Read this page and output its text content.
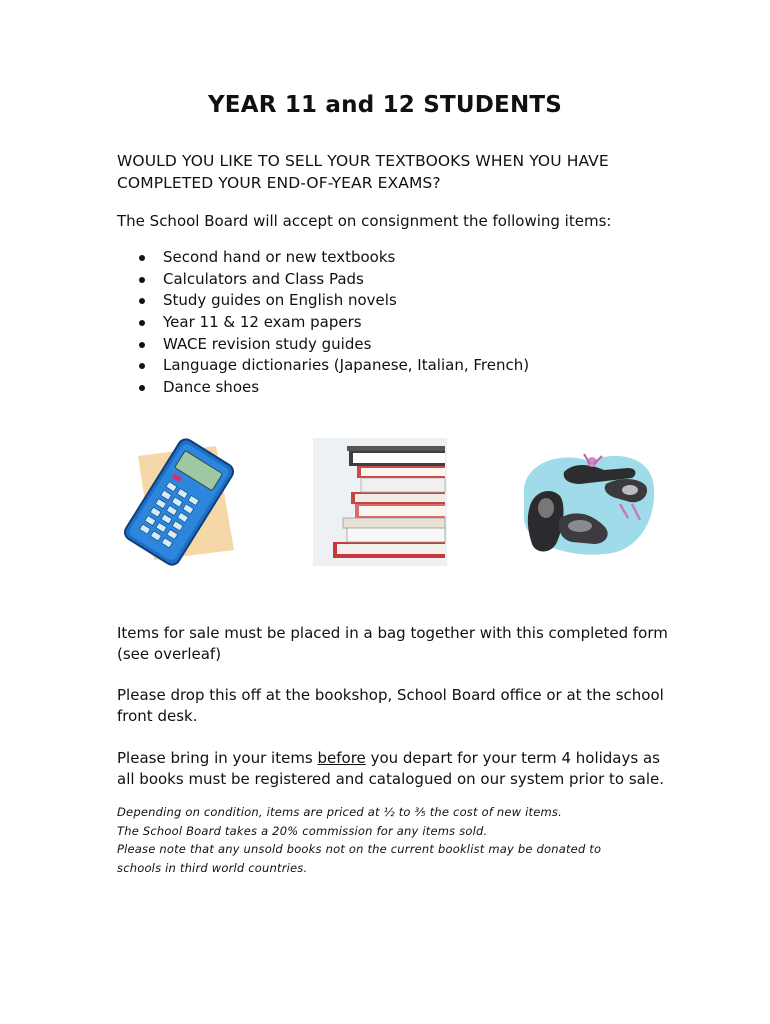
YEAR 11 and 12 STUDENTS
WOULD YOU LIKE TO SELL YOUR TEXTBOOKS WHEN YOU HAVE COMPLETED YOUR END-OF-YEAR EXAMS?
The School Board will accept on consignment the following items:
Second hand or new textbooks
Calculators and Class Pads
Study guides on English novels
Year 11 & 12 exam papers
WACE revision study guides
Language dictionaries (Japanese, Italian, French)
Dance shoes
Items for sale must be placed in a bag together with this completed form (see overleaf)
Please drop this off at the bookshop, School Board office or at the school front desk.
Please bring in your items before you depart for your term 4 holidays as all books must be registered and catalogued on our system prior to sale.
Depending on condition, items are priced at ½ to ⅗ the cost of new items.
The School Board takes a 20% commission for any items sold.
Please note that any unsold books not on the current booklist may be donated to
schools in third world countries.
